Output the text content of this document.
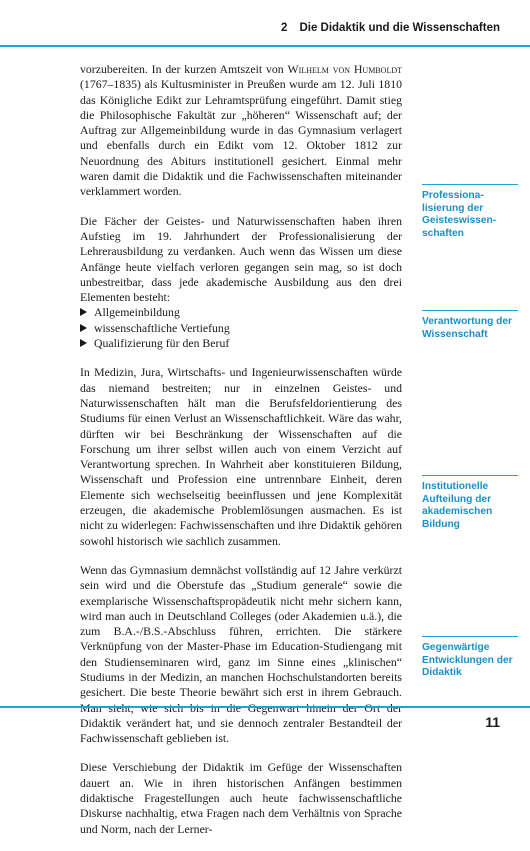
2 Die Didaktik und die Wissenschaften

vorzubereiten. In der kurzen Amtszeit von Wilhelm von Humboldt (1767–1835) als Kultusminister in Preußen wurde am 12. Juli 1810 das Königliche Edikt zur Lehramtsprüfung eingeführt. Damit stieg die Philosophische Fakultät zur „höheren“ Wissenschaft auf; der Auftrag zur Allgemeinbildung wurde in das Gymnasium verlagert und ebenfalls durch ein Edikt vom 12. Oktober 1812 zur Neuordnung des Abiturs institutionell gesichert. Einmal mehr waren damit die Didaktik und die Fachwissenschaften miteinander verklammert worden.

Die Fächer der Geistes- und Naturwissenschaften haben ihren Aufstieg im 19. Jahrhundert der Professionalisierung der Lehrerausbildung zu verdanken. Auch wenn das Wissen um diese Anfänge heute vielfach verloren gegangen sein mag, so ist doch unbestreitbar, dass jede akademische Ausbildung aus den drei Elementen besteht:

Allgemeinbildung
wissenschaftliche Vertiefung
Qualifizierung für den Beruf

In Medizin, Jura, Wirtschafts- und Ingenieurwissenschaften würde das niemand bestreiten; nur in einzelnen Geistes- und Naturwissenschaften hält man die Berufsfeldorientierung des Studiums für einen Verlust an Wissenschaftlichkeit. Wäre das wahr, dürften wir bei Beschränkung der Wissenschaften auf die Forschung um ihrer selbst willen auch von einem Verzicht auf Verantwortung sprechen. In Wahrheit aber konstituieren Bildung, Wissenschaft und Profession eine untrennbare Einheit, deren Elemente sich wechselseitig beeinflussen und jene Komplexität erzeugen, die akademische Problemlösungen ausmachen. Es ist nicht zu widerlegen: Fachwissenschaften und ihre Didaktik gehören sowohl historisch wie sachlich zusammen.

Wenn das Gymnasium demnächst vollständig auf 12 Jahre verkürzt sein wird und die Oberstufe das „Studium generale“ sowie die exemplarische Wissenschaftspropädeutik nicht mehr sichern kann, wird man auch in Deutschland Colleges (oder Akademien u.ä.), die zum B.A.-/B.S.-Abschluss führen, errichten. Die stärkere Verknüpfung von der Master-Phase im Education-Studiengang mit den Studienseminaren wird, ganz im Sinne eines „klinischen“ Studiums in der Medizin, an manchen Hochschulstandorten bereits gesichert. Die beste Theorie bewährt sich erst in ihrem Gebrauch. Didaktik verändert hat, und sie dennoch zentraler Bestandteil der Fachwissenschaft geblieben ist.

Diese Verschiebung der Didaktik im Gefüge der Wissenschaften dauert an. Wie in ihren historischen Anfängen bestimmen didaktische Fragestellungen auch heute fachwissenschaftliche Diskurse nachhaltig, etwa Fragen nach dem Verhältnis von Sprache und Norm, nach der Lerner-

Professionalisierung der Geisteswissenschaften
Verantwortung der Wissenschaft
Institutionelle Aufteilung der akademischen Bildung
Gegenwärtige Entwicklungen der Didaktik
11
